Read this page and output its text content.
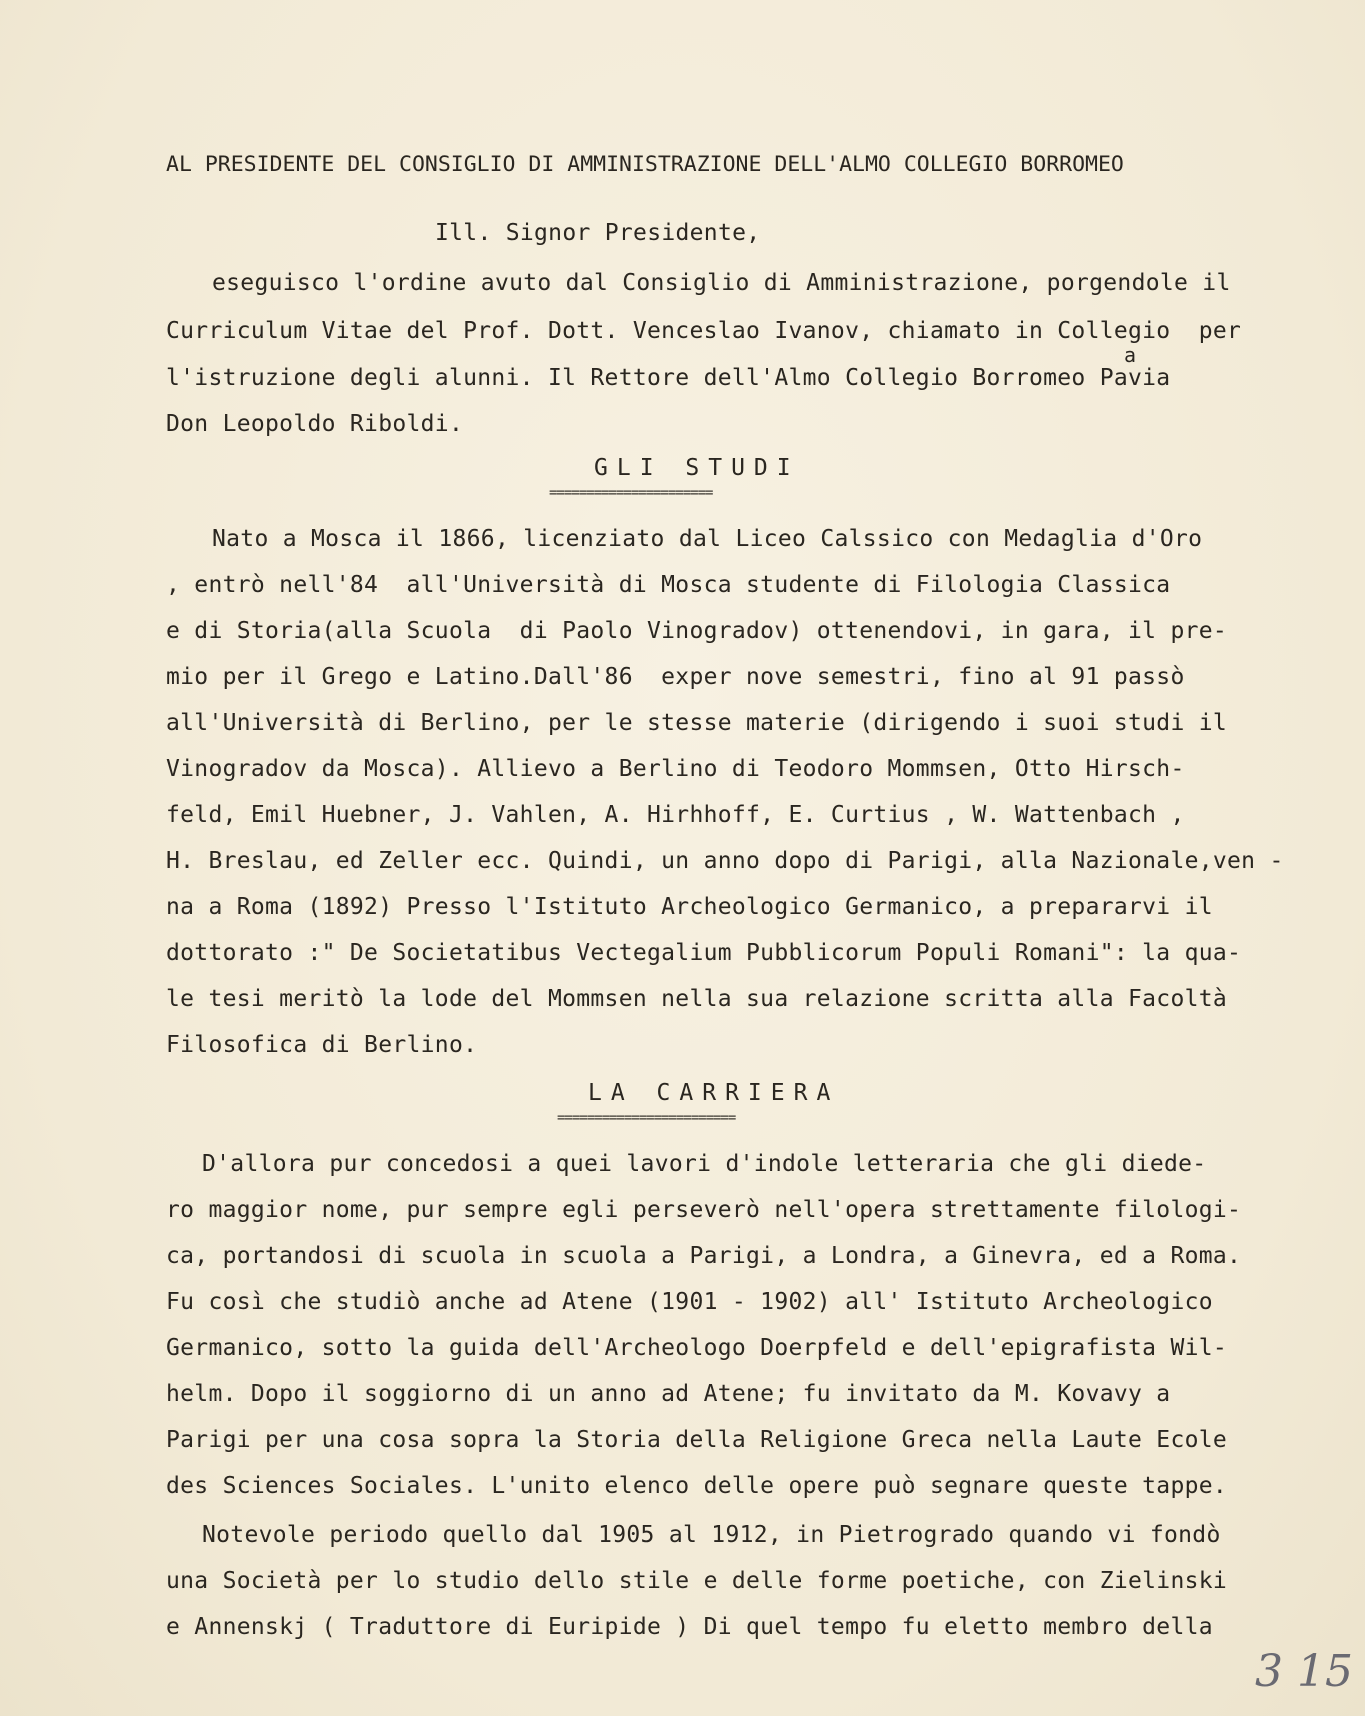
AL PRESIDENTE DEL CONSIGLIO DI AMMINISTRAZIONE DELL'ALMO COLLEGIO BORROMEO
Ill. Signor Presidente,
eseguisco l'ordine avuto dal Consiglio di Amministrazione, porgendole il
Curriculum Vitae del Prof. Dott. Venceslao Ivanov, chiamato in Collegio  per
a
l'istruzione degli alunni. Il Rettore dell'Almo Collegio Borromeo Pavia
Don Leopoldo Riboldi.
GLI STUDI
======================
Nato a Mosca il 1866, licenziato dal Liceo Calssico con Medaglia d'Oro
, entrò nell'84  all'Università di Mosca studente di Filologia Classica
e di Storia(alla Scuola  di Paolo Vinogradov) ottenendovi, in gara, il pre-
mio per il Grego e Latino.Dall'86  exper nove semestri, fino al 91 passò
all'Università di Berlino, per le stesse materie (dirigendo i suoi studi il
Vinogradov da Mosca). Allievo a Berlino di Teodoro Mommsen, Otto Hirsch-
feld, Emil Huebner, J. Vahlen, A. Hirhhoff, E. Curtius , W. Wattenbach ,
H. Breslau, ed Zeller ecc. Quindi, un anno dopo di Parigi, alla Nazionale,ven -
na a Roma (1892) Presso l'Istituto Archeologico Germanico, a prepararvi il
dottorato :" De Societatibus Vectegalium Pubblicorum Populi Romani": la qua-
le tesi meritò la lode del Mommsen nella sua relazione scritta alla Facoltà
Filosofica di Berlino.
LA CARRIERA
========================
D'allora pur concedosi a quei lavori d'indole letteraria che gli diede-
ro maggior nome, pur sempre egli perseverò nell'opera strettamente filologi-
ca, portandosi di scuola in scuola a Parigi, a Londra, a Ginevra, ed a Roma.
Fu così che studiò anche ad Atene (1901 - 1902) all' Istituto Archeologico
Germanico, sotto la guida dell'Archeologo Doerpfeld e dell'epigrafista Wil-
helm. Dopo il soggiorno di un anno ad Atene; fu invitato da M. Kovavy a
Parigi per una cosa sopra la Storia della Religione Greca nella Laute Ecole
des Sciences Sociales. L'unito elenco delle opere può segnare queste tappe.
Notevole periodo quello dal 1905 al 1912, in Pietrogrado quando vi fondò
una Società per lo studio dello stile e delle forme poetiche, con Zielinski
e Annenskj ( Traduttore di Euripide ) Di quel tempo fu eletto membro della
3 15
